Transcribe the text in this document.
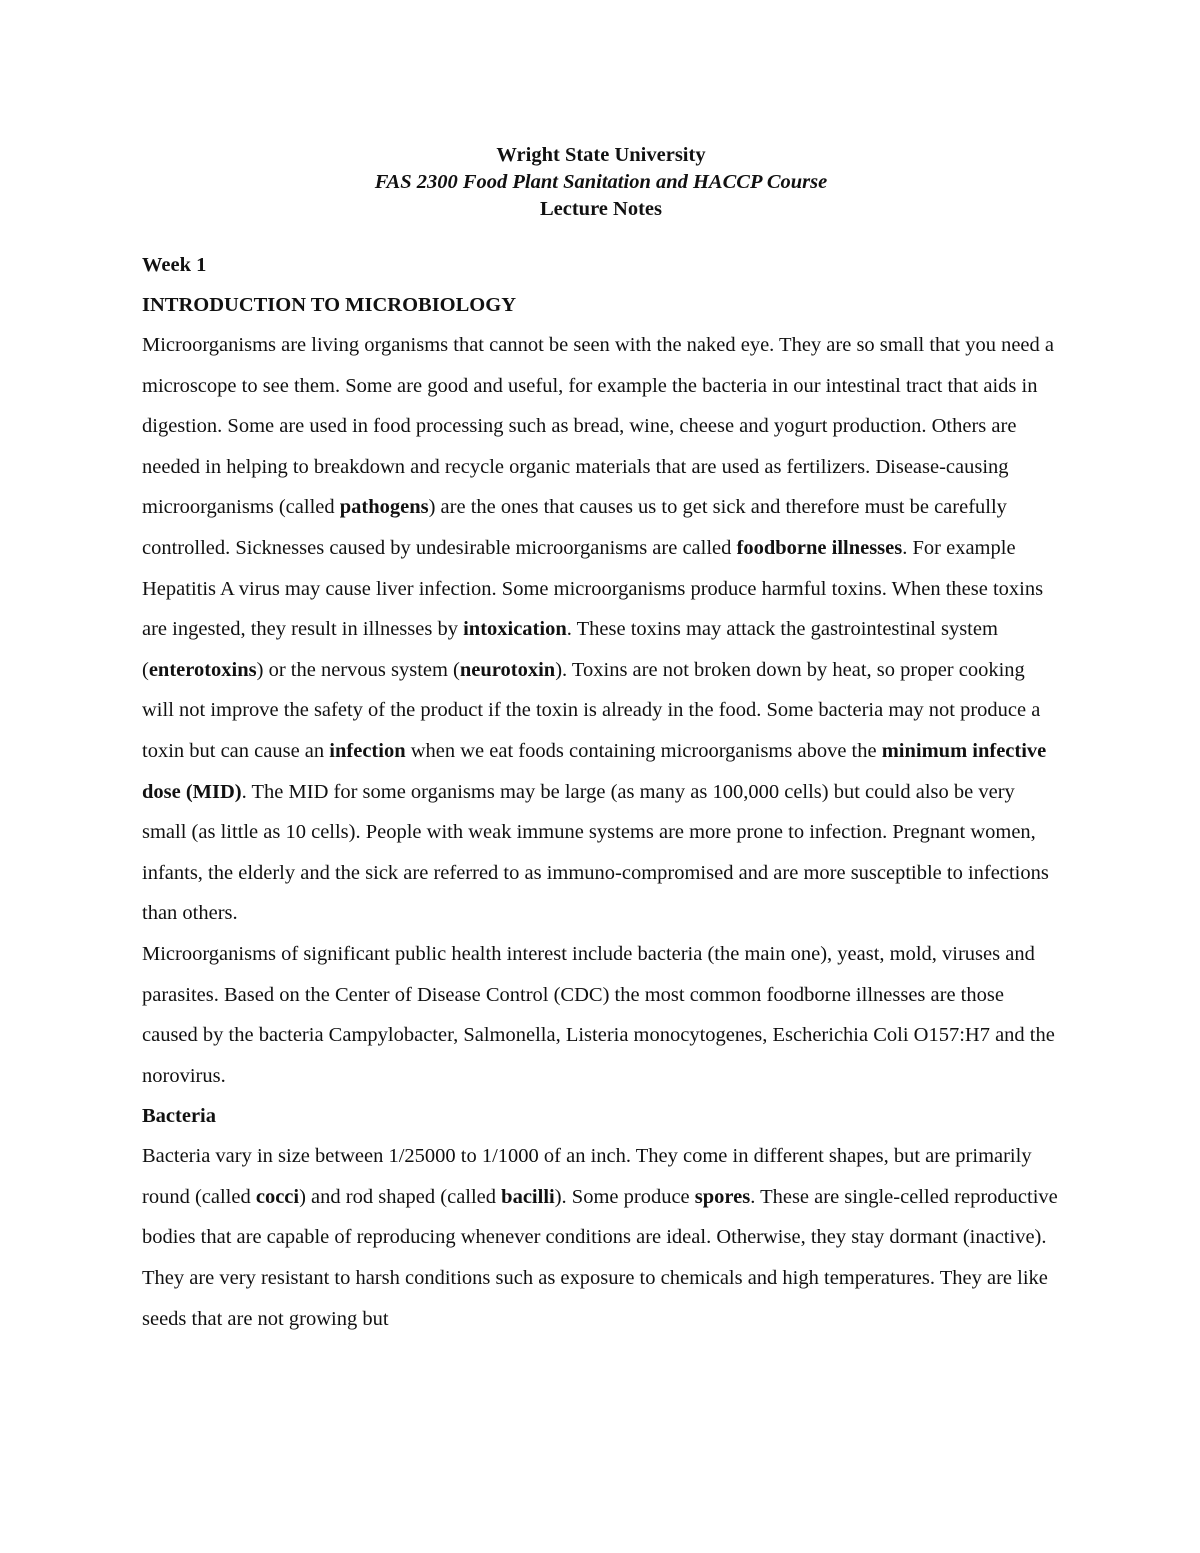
Wright State University
FAS 2300 Food Plant Sanitation and HACCP Course
Lecture Notes
Week 1
INTRODUCTION TO MICROBIOLOGY

Microorganisms are living organisms that cannot be seen with the naked eye. They are so small that you need a microscope to see them. Some are good and useful, for example the bacteria in our intestinal tract that aids in digestion. Some are used in food processing such as bread, wine, cheese and yogurt production. Others are needed in helping to breakdown and recycle organic materials that are used as fertilizers. Disease-causing microorganisms (called pathogens) are the ones that causes us to get sick and therefore must be carefully controlled. Sicknesses caused by undesirable microorganisms are called foodborne illnesses. For example Hepatitis A virus may cause liver infection. Some microorganisms produce harmful toxins. When these toxins are ingested, they result in illnesses by intoxication. These toxins may attack the gastrointestinal system (enterotoxins) or the nervous system (neurotoxin). Toxins are not broken down by heat, so proper cooking will not improve the safety of the product if the toxin is already in the food. Some bacteria may not produce a toxin but can cause an infection when we eat foods containing microorganisms above the minimum infective dose (MID). The MID for some organisms may be large (as many as 100,000 cells) but could also be very small (as little as 10 cells). People with weak immune systems are more prone to infection. Pregnant women, infants, the elderly and the sick are referred to as immuno-compromised and are more susceptible to infections than others.

Microorganisms of significant public health interest include bacteria (the main one), yeast, mold, viruses and parasites. Based on the Center of Disease Control (CDC) the most common foodborne illnesses are those caused by the bacteria Campylobacter, Salmonella, Listeria monocytogenes, Escherichia Coli O157:H7 and the norovirus.

Bacteria

Bacteria vary in size between 1/25000 to 1/1000 of an inch. They come in different shapes, but are primarily round (called cocci) and rod shaped (called bacilli). Some produce spores. These are single-celled reproductive bodies that are capable of reproducing whenever conditions are ideal. Otherwise, they stay dormant (inactive). They are very resistant to harsh conditions such as exposure to chemicals and high temperatures. They are like seeds that are not growing but
